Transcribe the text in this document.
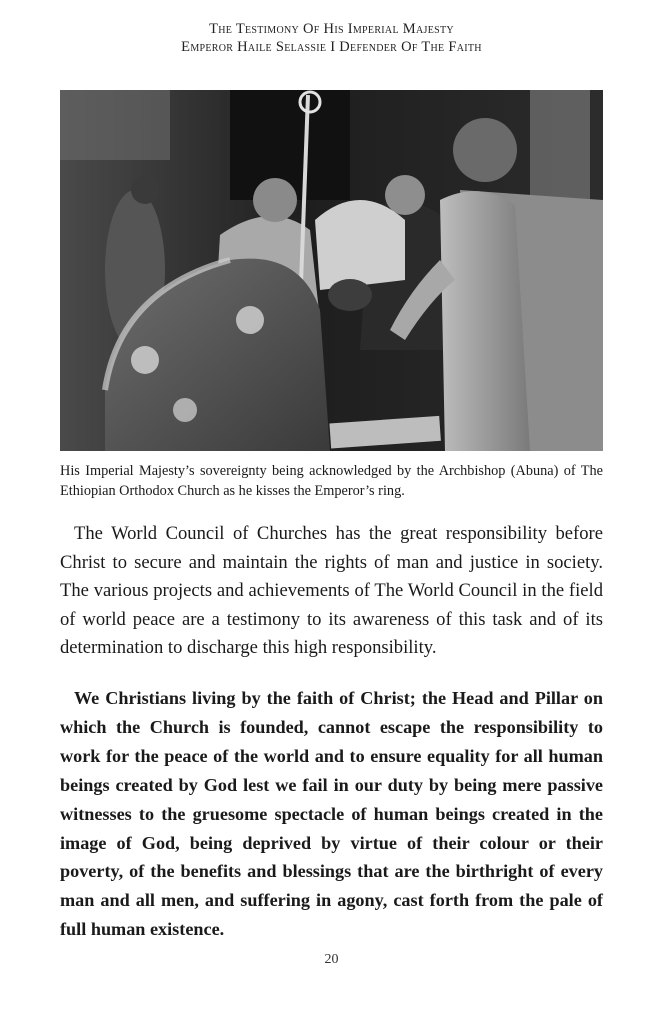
The Testimony Of His Imperial Majesty
Emperor Haile Selassie I Defender Of The Faith
His Imperial Majesty’s sovereignty being acknowledged by the Archbishop (Abuna) of The Ethiopian Orthodox Church as he kisses the Emperor’s ring.

The World Council of Churches has the great responsibility before Christ to secure and maintain the rights of man and justice in society. The various projects and achievements of The World Council in the field of world peace are a testimony to its awareness of this task and of its determination to discharge this high responsibility.

We Christians living by the faith of Christ; the Head and Pillar on which the Church is founded, cannot escape the responsibility to work for the peace of the world and to ensure equality for all human beings created by God lest we fail in our duty by being mere passive witnesses to the gruesome spectacle of human beings created in the image of God, being deprived by virtue of their colour or their poverty, of the benefits and blessings that are the birthright of every man and all men, and suffering in agony, cast forth from the pale of full human existence.

20
